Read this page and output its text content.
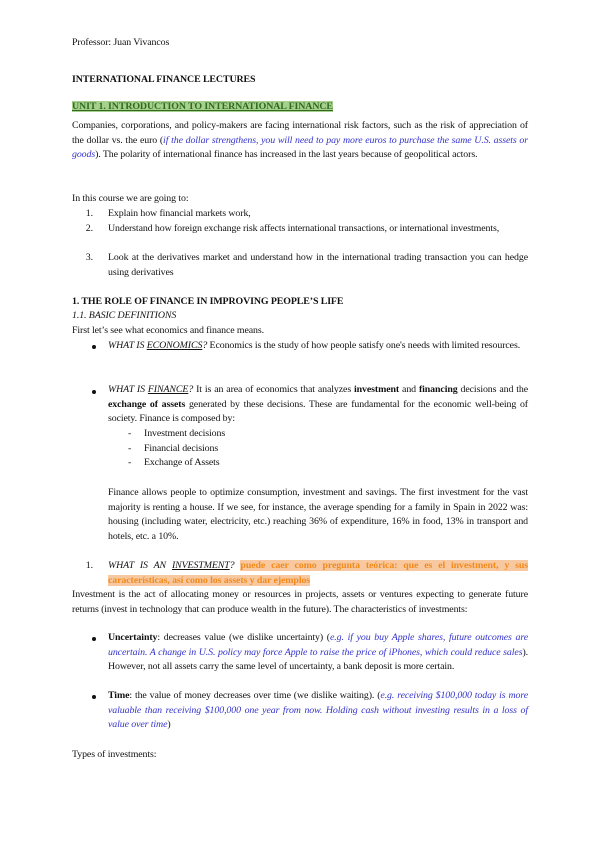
Professor: Juan Vivancos

INTERNATIONAL FINANCE LECTURES

UNIT 1. INTRODUCTION TO INTERNATIONAL FINANCE

Companies, corporations, and policy-makers are facing international risk factors, such as the risk of appreciation of the dollar vs. the euro (if the dollar strengthens, you will need to pay more euros to purchase the same U.S. assets or goods). The polarity of international finance has increased in the last years because of geopolitical actors.

In this course we are going to:

1. Explain how financial markets work,
2. Understand how foreign exchange risk affects international transactions, or international investments,
3. Look at the derivatives market and understand how in the international trading transaction you can hedge using derivatives

1. THE ROLE OF FINANCE IN IMPROVING PEOPLE’S LIFE

1.1. BASIC DEFINITIONS

First let’s see what economics and finance means.

WHAT IS ECONOMICS? Economics is the study of how people satisfy one's needs with limited resources.

WHAT IS FINANCE? It is an area of economics that analyzes investment and financing decisions and the exchange of assets generated by these decisions. These are fundamental for the economic well-being of society. Finance is composed by:

- Investment decisions
- Financial decisions
- Exchange of Assets

Finance allows people to optimize consumption, investment and savings. The first investment for the vast majority is renting a house. If we see, for instance, the average spending for a family in Spain in 2022 was: housing (including water, electricity, etc.) reaching 36% of expenditure, 16% in food, 13% in transport and hotels, etc. a 10%.

1. WHAT IS AN INVESTMENT? puede caer como pregunta teórica: que es el investment, y sus características, así como los assets y dar ejemplos

Investment is the act of allocating money or resources in projects, assets or ventures expecting to generate future returns (invest in technology that can produce wealth in the future). The characteristics of investments:

Uncertainty: decreases value (we dislike uncertainty) (e.g. if you buy Apple shares, future outcomes are uncertain. A change in U.S. policy may force Apple to raise the price of iPhones, which could reduce sales). However, not all assets carry the same level of uncertainty, a bank deposit is more certain.

Time: the value of money decreases over time (we dislike waiting). (e.g. receiving $100,000 today is more valuable than receiving $100,000 one year from now. Holding cash without investing results in a loss of value over time)

Types of investments:
